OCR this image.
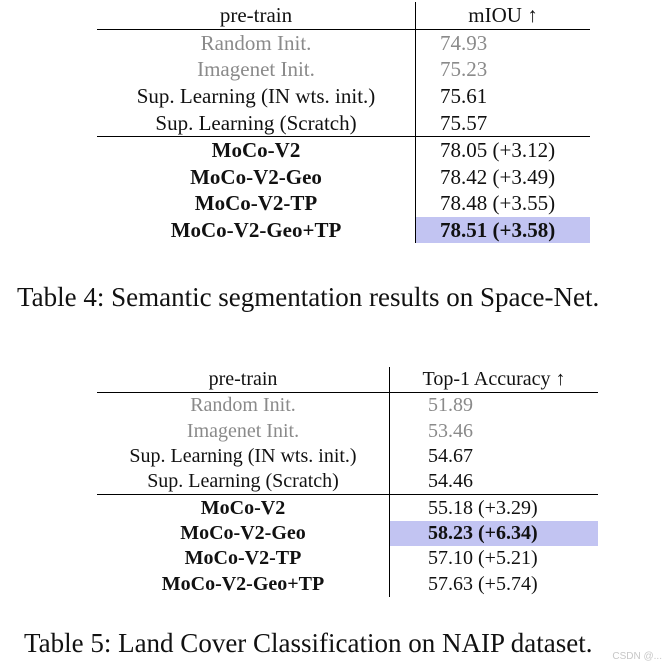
pre-train	mIOU ↑
Random Init.	74.93
Imagenet Init.	75.23
Sup. Learning (IN wts. init.)	75.61
Sup. Learning (Scratch)	75.57
MoCo-V2	78.05 (+3.12)
MoCo-V2-Geo	78.42 (+3.49)
MoCo-V2-TP	78.48 (+3.55)
MoCo-V2-Geo+TP	78.51 (+3.58)
Table 4: Semantic segmentation results on Space-Net.
pre-train	Top-1 Accuracy ↑
Random Init.	51.89
Imagenet Init.	53.46
Sup. Learning (IN wts. init.)	54.67
Sup. Learning (Scratch)	54.46
MoCo-V2	55.18 (+3.29)
MoCo-V2-Geo	58.23 (+6.34)
MoCo-V2-TP	57.10 (+5.21)
MoCo-V2-Geo+TP	57.63 (+5.74)
Table 5: Land Cover Classification on NAIP dataset. CSDN @...
